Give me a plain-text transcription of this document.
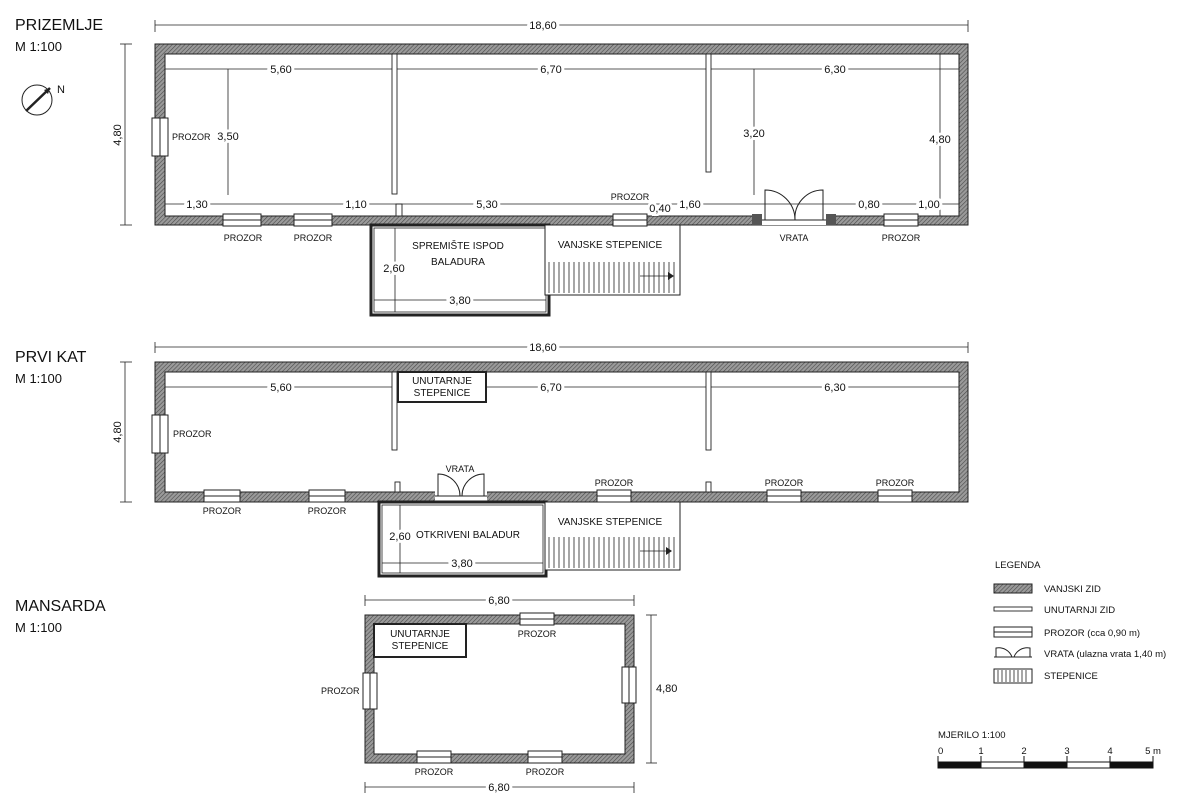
PRIZEMLJE
M 1:100
N
SPREMIŠTE ISPOD
BALADURA
VANJSKE STEPENICE
PROZOR
PROZOR	PROZOR
PROZOR
PROZOR
VRATA
18,60
5,60	6,70	6,30
4,80	3,50	3,20	4,80
1,30	1,10	5,30	0,40 1,60	0,80	1,00
2,60
3,80
PRVI KAT
M 1:100	UNUTARNJE
STEPENICE
PROZOR
PROZOR	PROZOR
PROZOR	PROZOR	PROZOR
VRATA
OTKRIVENI BALADUR
2,60
3,80
VANJSKE STEPENICE
18,60
5,60	6,70	6,30
4,80
MANSARDA
M 1:100	UNUTARNJE
STEPENICE
PROZOR
PROZOR
PROZOR	PROZOR
6,80
6,80
4,80
LEGENDA
VANJSKI ZID
UNUTARNJI ZID
PROZOR (cca 0,90 m)
VRATA (ulazna vrata 1,40 m)
STEPENICE
MJERILO 1:100
0	1	2	3	4	5 m
